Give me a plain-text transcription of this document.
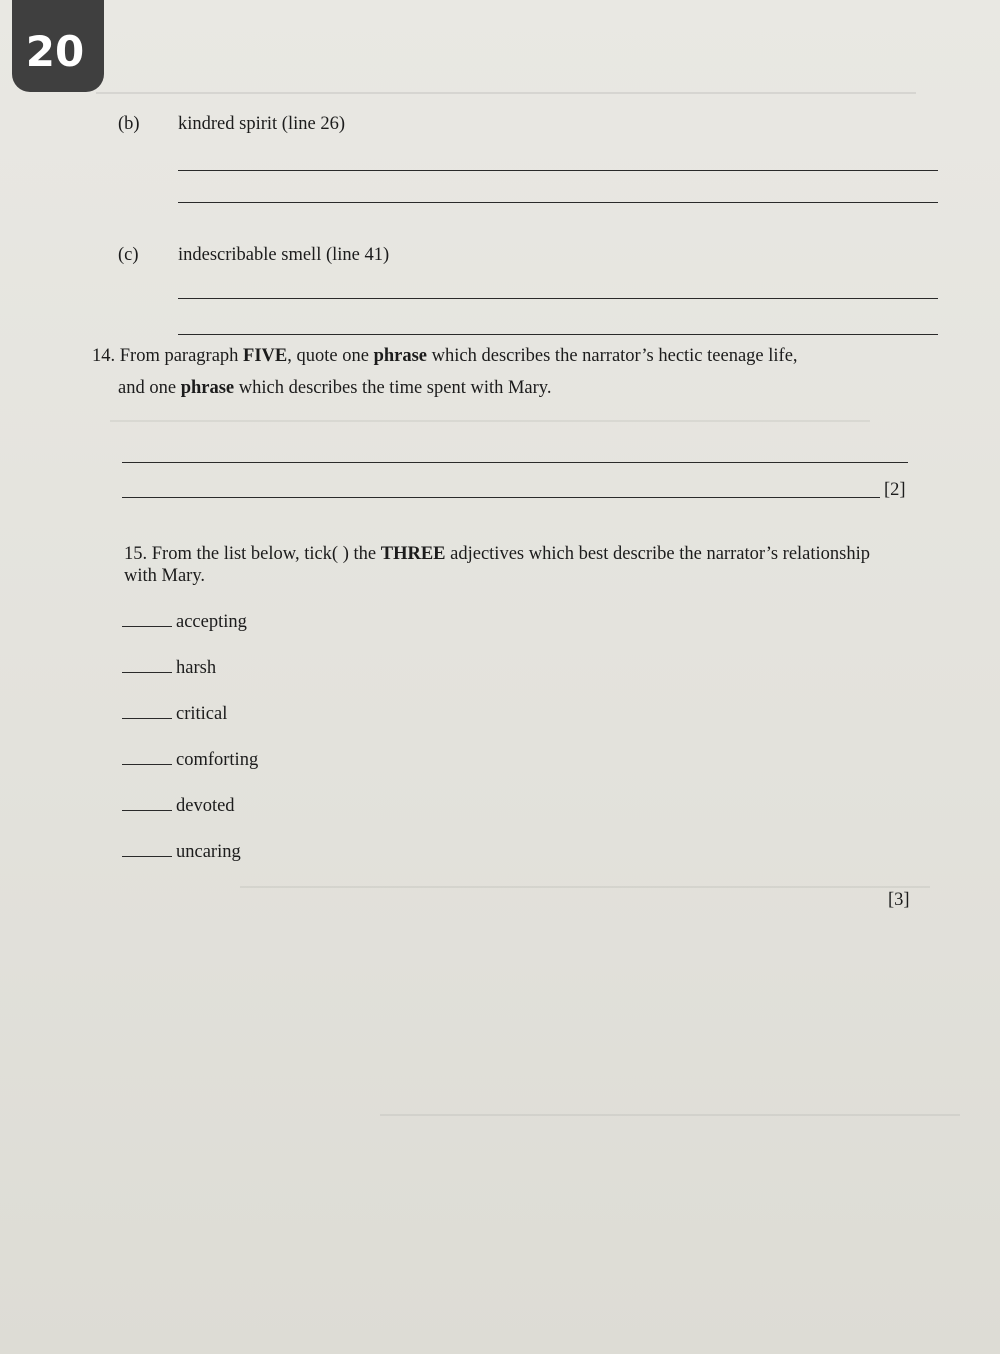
20
(b) kindred spirit (line 26)
(c) indescribable smell (line 41)
14. From paragraph FIVE, quote one phrase which describes the narrator’s hectic teenage life,
and one phrase which describes the time spent with Mary.
[2]
15. From the list below, tick( ) the THREE adjectives which best describe the narrator’s relationship
with Mary.
accepting
harsh
critical
comforting
devoted
uncaring
[3]
